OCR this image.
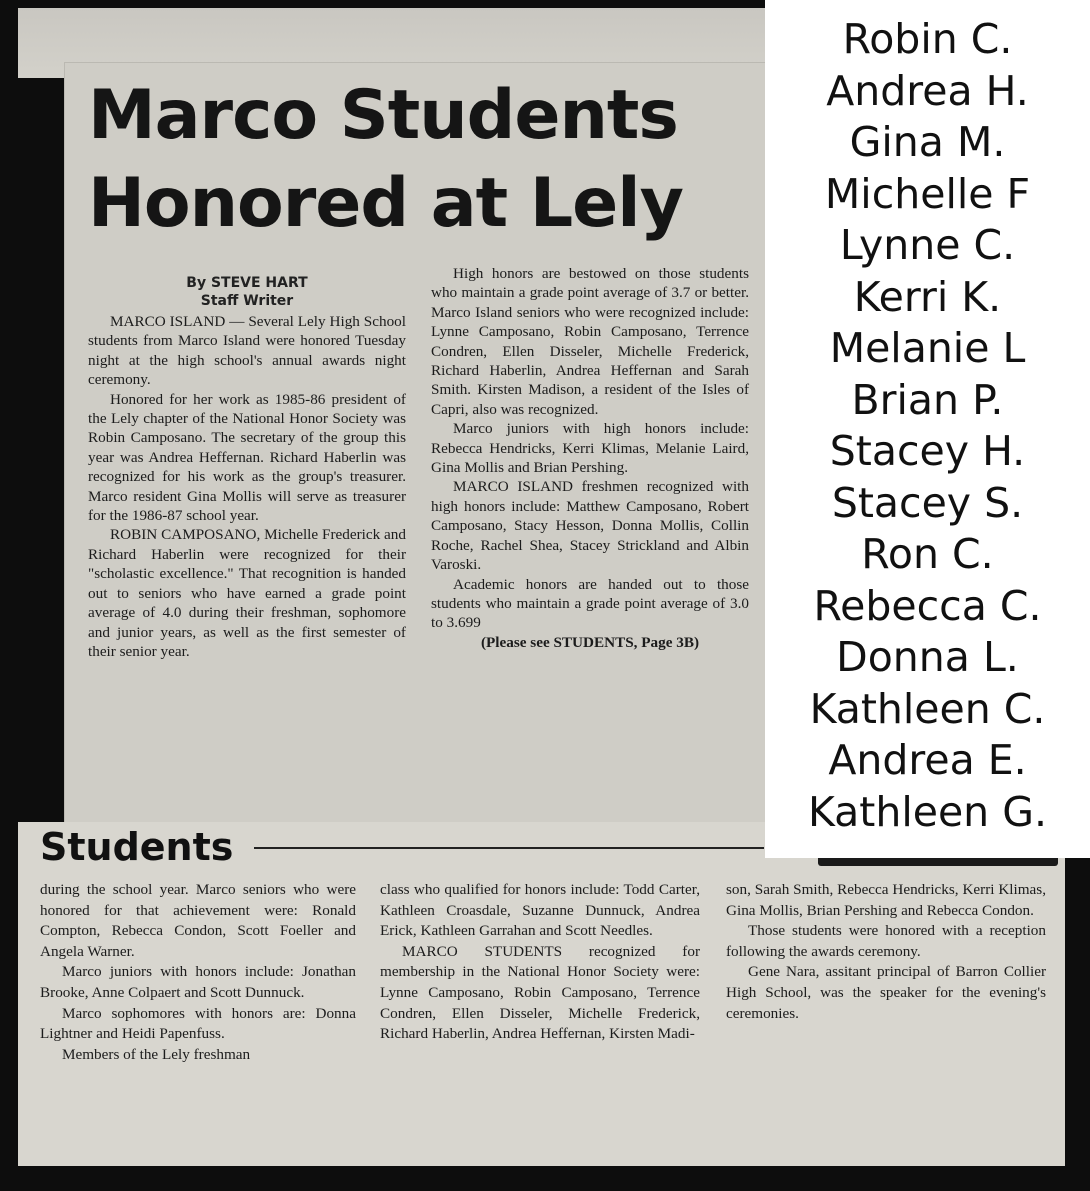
Marco Students
Honored at Lely
By STEVE HART
Staff Writer

MARCO ISLAND — Several Lely High School students from Marco Island were honored Tuesday night at the high school's annual awards night ceremony.

Honored for her work as 1985-86 president of the Lely chapter of the National Honor Society was Robin Camposano. The secretary of the group this year was Andrea Heffernan. Richard Haberlin was recognized for his work as the group's treasurer. Marco resident Gina Mollis will serve as treasurer for the 1986-87 school year.

ROBIN CAMPOSANO, Michelle Frederick and Richard Haberlin were recognized for their "scholastic excellence." That recognition is handed out to seniors who have earned a grade point average of 4.0 during their freshman, sophomore and junior years, as well as the first semester of their senior year.

High honors are bestowed on those students who maintain a grade point average of 3.7 or better. Marco Island seniors who were recognized include: Lynne Camposano, Robin Camposano, Terrence Condren, Ellen Disseler, Michelle Frederick, Richard Haberlin, Andrea Heffernan and Sarah Smith. Kirsten Madison, a resident of the Isles of Capri, also was recognized.

Marco juniors with high honors include: Rebecca Hendricks, Kerri Klimas, Melanie Laird, Gina Mollis and Brian Pershing.

MARCO ISLAND freshmen recognized with high honors include: Matthew Camposano, Robert Camposano, Stacy Hesson, Donna Mollis, Collin Roche, Rachel Shea, Stacey Strickland and Albin Varoski.

Academic honors are handed out to those students who maintain a grade point average of 3.0 to 3.699

(Please see STUDENTS, Page 3B)

Students

during the school year. Marco seniors who were honored for that achievement were: Ronald Compton, Rebecca Condon, Scott Foeller and Angela Warner.

Marco juniors with honors include: Jonathan Brooke, Anne Colpaert and Scott Dunnuck.

Marco sophomores with honors are: Donna Lightner and Heidi Papenfuss.

Members of the Lely freshman

class who qualified for honors include: Todd Carter, Kathleen Croasdale, Suzanne Dunnuck, Andrea Erick, Kathleen Garrahan and Scott Needles.

MARCO STUDENTS recognized for membership in the National Honor Society were: Lynne Camposano, Robin Camposano, Terrence Condren, Ellen Disseler, Michelle Frederick, Richard Haberlin, Andrea Heffernan, Kirsten Madi-

son, Sarah Smith, Rebecca Hendricks, Kerri Klimas, Gina Mollis, Brian Pershing and Rebecca Condon.

Those students were honored with a reception following the awards ceremony.

Gene Nara, assitant principal of Barron Collier High School, was the speaker for the evening's ceremonies.

Robin C.
Andrea H.
Gina M.
Michelle F
Lynne C.
Kerri K.
Melanie L
Brian P.
Stacey H.
Stacey S.
Ron C.
Rebecca C.
Donna L.
Kathleen C.
Andrea E.
Kathleen G.
